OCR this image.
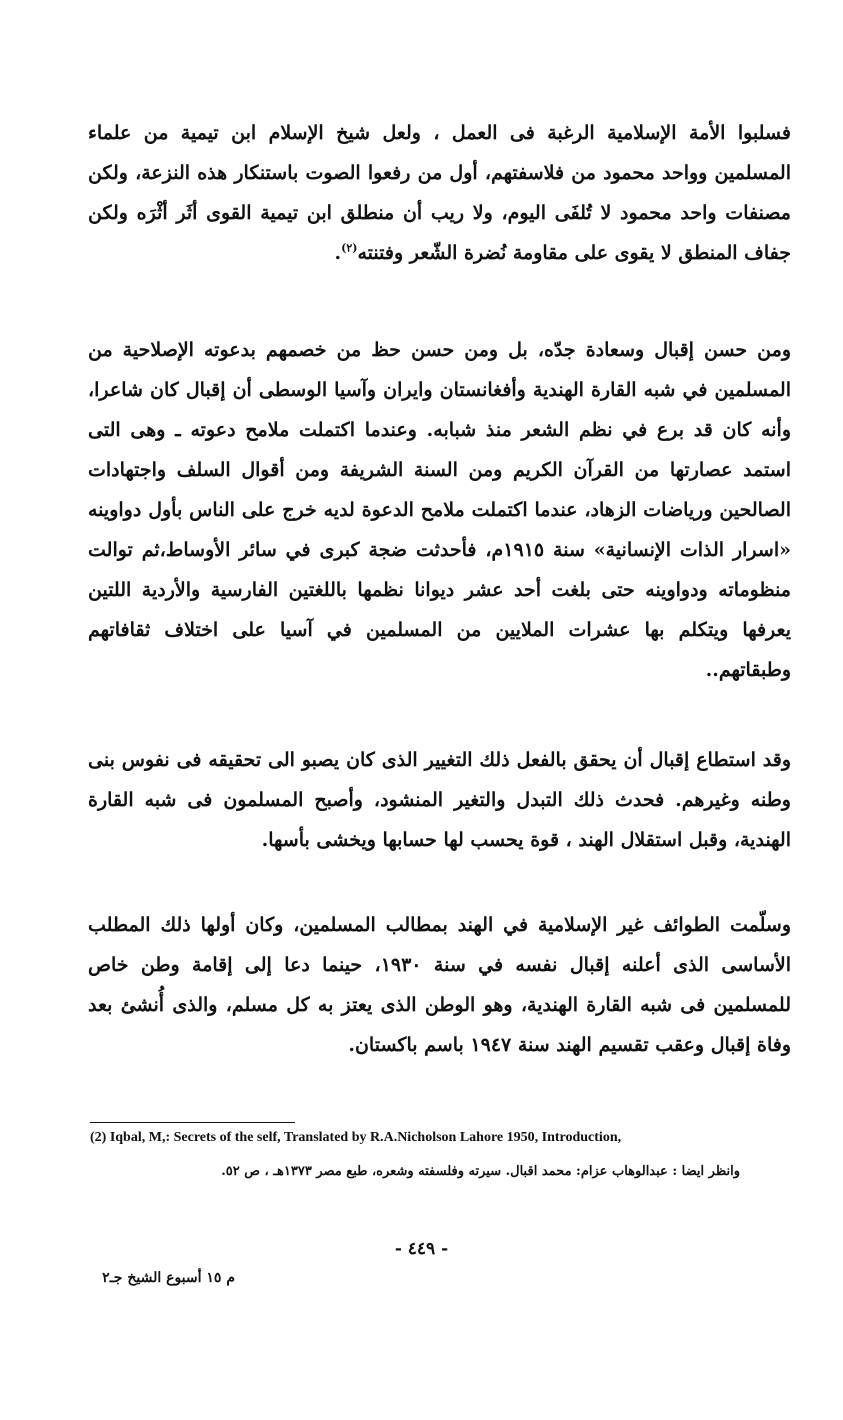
فسلبوا الأمة الإسلامية الرغبة فى العمل ، ولعل شيخ الإسلام ابن تيمية من علماء المسلمين وواحد محمود من فلاسفتهم، أول من رفعوا الصوت باستنكار هذه النزعة، ولكن مصنفات واحد محمود لا تُلفَى اليوم، ولا ريب أن منطلق ابن تيمية القوى أثَر أثْرَه ولكن جفاف المنطق لا يقوى على مقاومة نُضرة الشّعر وفتنته$^{(٢)}$.

ومن حسن إقبال وسعادة جدّه، بل ومن حسن حظ من خصمهم بدعوته الإصلاحية من المسلمين في شبه القارة الهندية وأفغانستان وايران وآسيا الوسطى أن إقبال كان شاعرا، وأنه كان قد برع في نظم الشعر منذ شبابه. وعندما اكتملت ملامح دعوته ـ وهى التى استمد عصارتها من القرآن الكريم ومن السنة الشريفة ومن أقوال السلف واجتهادات الصالحين ورياضات الزهاد، عندما اكتملت ملامح الدعوة لديه خرج على الناس بأول دواوينه «اسرار الذات الإنسانية» سنة ١٩١٥م، فأحدثت ضجة كبرى في سائر الأوساط،ثم توالت منظوماته ودواوينه حتى بلغت أحد عشر ديوانا نظمها باللغتين الفارسية والأردية اللتين يعرفها ويتكلم بها عشرات الملايين من المسلمين في آسيا على اختلاف ثقافاتهم وطبقاتهم..

وقد استطاع إقبال أن يحقق بالفعل ذلك التغيير الذى كان يصبو الى تحقيقه فى نفوس بنى وطنه وغيرهم. فحدث ذلك التبدل والتغير المنشود، وأصبح المسلمون فى شبه القارة الهندية، وقبل استقلال الهند ، قوة يحسب لها حسابها ويخشى بأسها.

وسلّمت الطوائف غير الإسلامية في الهند بمطالب المسلمين، وكان أولها ذلك المطلب الأساسى الذى أعلنه إقبال نفسه في سنة ١٩٣٠، حينما دعا إلى إقامة وطن خاص للمسلمين فى شبه القارة الهندية، وهو الوطن الذى يعتز به كل مسلم، والذى أُنشئ بعد وفاة إقبال وعقب تقسيم الهند سنة ١٩٤٧ باسم باكستان.

(2) Iqbal, M,: Secrets of the self, Translated by R.A.Nicholson Lahore 1950, Introduction,
وانظر ايضا : عبدالوهاب عزام: محمد اقبال. سيرته وفلسفته وشعره، طبع مصر ١٣٧٣هـ ، ص ٥٢.
- ٤٤٩ -
م ١٥ أسبوع الشيخ جـ٢
